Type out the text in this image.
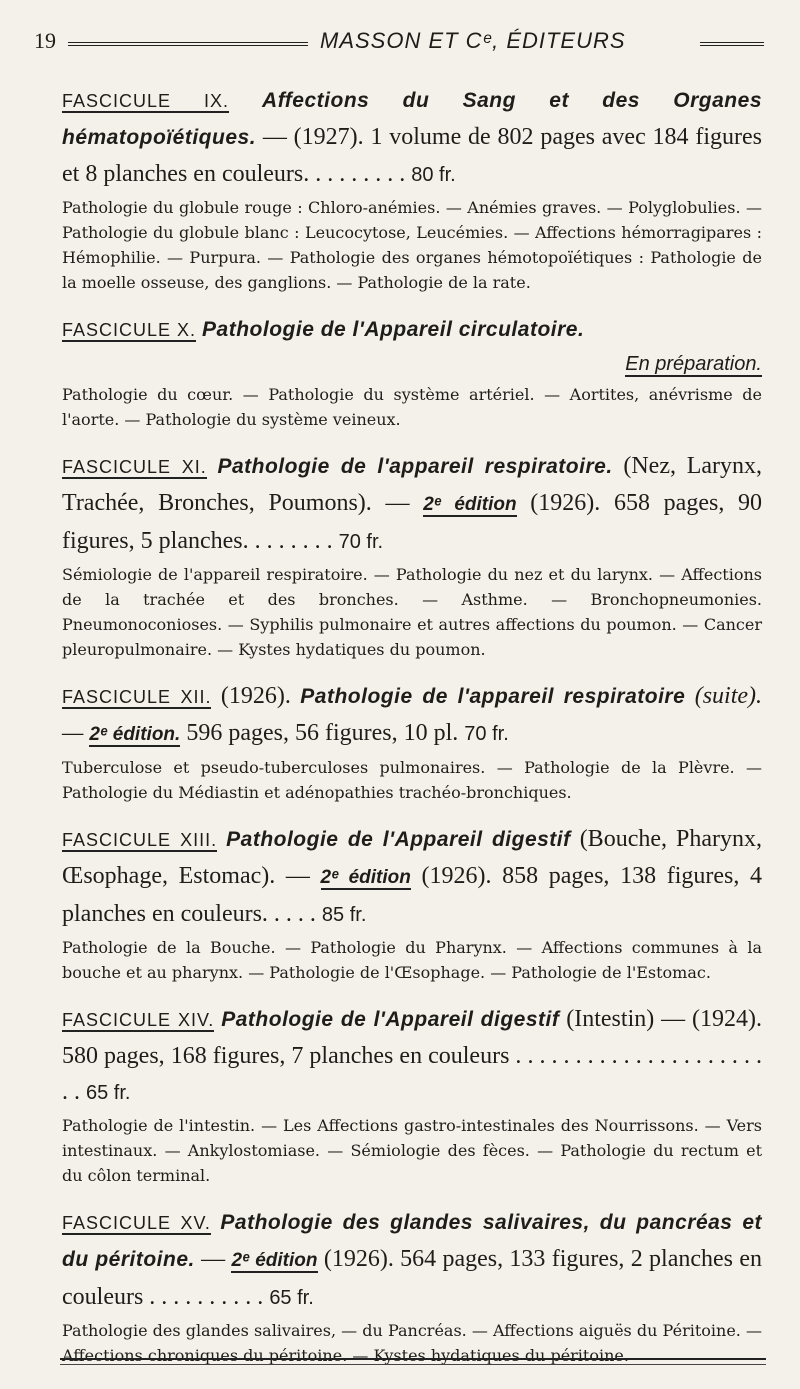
19	MASSON ET Cᵉ, ÉDITEURS
FASCICULE IX. Affections du Sang et des Organes hématopoïétiques. — (1927). 1 volume de 802 pages avec 184 figures et 8 planches en couleurs. . . . . . . . . 80 fr.
Pathologie du globule rouge : Chloro-anémies. — Anémies graves. — Polyglobulies. — Pathologie du globule blanc : Leucocytose, Leucémies. — Affections hémorragipares : Hémophilie. — Purpura. — Pathologie des organes hémotopoïétiques : Pathologie de la moelle osseuse, des ganglions. — Pathologie de la rate.
FASCICULE X. Pathologie de l'Appareil circulatoire.
En préparation.
Pathologie du cœur. — Pathologie du système artériel. — Aortites, anévrisme de l'aorte. — Pathologie du système veineux.
FASCICULE XI. Pathologie de l'appareil respiratoire. (Nez, Larynx, Trachée, Bronches, Poumons). — 2ᵉ édition (1926). 658 pages, 90 figures, 5 planches. . . . . . . . 70 fr.
Sémiologie de l'appareil respiratoire. — Pathologie du nez et du larynx. — Affections de la trachée et des bronches. — Asthme. — Bronchopneumonies. Pneumonoconioses. — Syphilis pulmonaire et autres affections du poumon. — Cancer pleuropulmonaire. — Kystes hydatiques du poumon.
FASCICULE XII. (1926). Pathologie de l'appareil respiratoire (suite). — 2ᵉ édition. 596 pages, 56 figures, 10 pl. 70 fr.
Tuberculose et pseudo-tuberculoses pulmonaires. — Pathologie de la Plèvre. — Pathologie du Médiastin et adénopathies trachéo-bronchiques.
FASCICULE XIII. Pathologie de l'Appareil digestif (Bouche, Pharynx, Œsophage, Estomac). — 2ᵉ édition (1926). 858 pages, 138 figures, 4 planches en couleurs. . . . . 85 fr.
Pathologie de la Bouche. — Pathologie du Pharynx. — Affections communes à la bouche et au pharynx. — Pathologie de l'Œsophage. — Pathologie de l'Estomac.
FASCICULE XIV. Pathologie de l'Appareil digestif (Intestin) — (1924). 580 pages, 168 figures, 7 planches en couleurs . . . . . . . . . . . . . . . . . . . . . . . 65 fr.
Pathologie de l'intestin. — Les Affections gastro-intestinales des Nourrissons. — Vers intestinaux. — Ankylostomiase. — Sémiologie des fèces. — Pathologie du rectum et du côlon terminal.
FASCICULE XV. Pathologie des glandes salivaires, du pancréas et du péritoine. — 2ᵉ édition (1926). 564 pages, 133 figures, 2 planches en couleurs . . . . . . . . . . 65 fr.
Pathologie des glandes salivaires, — du Pancréas. — Affections aiguës du Péritoine. — Affections chroniques du péritoine. — Kystes hydatiques du péritoine.
